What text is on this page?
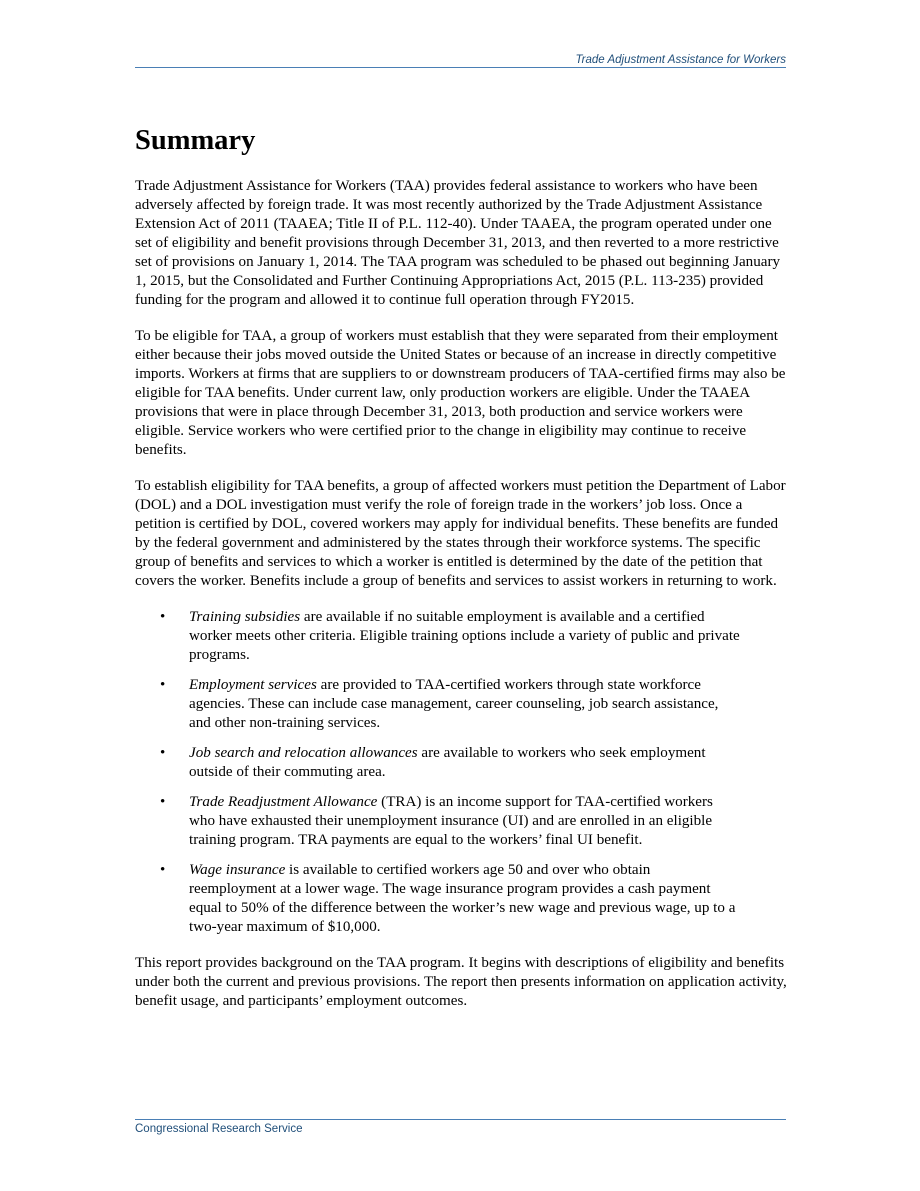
Trade Adjustment Assistance for Workers
Summary

Trade Adjustment Assistance for Workers (TAA) provides federal assistance to workers who have been adversely affected by foreign trade. It was most recently authorized by the Trade Adjustment Assistance Extension Act of 2011 (TAAEA; Title II of P.L. 112-40). Under TAAEA, the program operated under one set of eligibility and benefit provisions through December 31, 2013, and then reverted to a more restrictive set of provisions on January 1, 2014. The TAA program was scheduled to be phased out beginning January 1, 2015, but the Consolidated and Further Continuing Appropriations Act, 2015 (P.L. 113-235) provided funding for the program and allowed it to continue full operation through FY2015.

To be eligible for TAA, a group of workers must establish that they were separated from their employment either because their jobs moved outside the United States or because of an increase in directly competitive imports. Workers at firms that are suppliers to or downstream producers of TAA-certified firms may also be eligible for TAA benefits. Under current law, only production workers are eligible. Under the TAAEA provisions that were in place through December 31, 2013, both production and service workers were eligible. Service workers who were certified prior to the change in eligibility may continue to receive benefits.

To establish eligibility for TAA benefits, a group of affected workers must petition the Department of Labor (DOL) and a DOL investigation must verify the role of foreign trade in the workers’ job loss. Once a petition is certified by DOL, covered workers may apply for individual benefits. These benefits are funded by the federal government and administered by the states through their workforce systems. The specific group of benefits and services to which a worker is entitled is determined by the date of the petition that covers the worker. Benefits include a group of benefits and services to assist workers in returning to work.

• Training subsidies are available if no suitable employment is available and a certified worker meets other criteria. Eligible training options include a variety of public and private programs.
• Employment services are provided to TAA-certified workers through state workforce agencies. These can include case management, career counseling, job search assistance, and other non-training services.
• Job search and relocation allowances are available to workers who seek employment outside of their commuting area.
• Trade Readjustment Allowance (TRA) is an income support for TAA-certified workers who have exhausted their unemployment insurance (UI) and are enrolled in an eligible training program. TRA payments are equal to the workers’ final UI benefit.
• Wage insurance is available to certified workers age 50 and over who obtain reemployment at a lower wage. The wage insurance program provides a cash payment equal to 50% of the difference between the worker’s new wage and previous wage, up to a two-year maximum of $10,000.

This report provides background on the TAA program. It begins with descriptions of eligibility and benefits under both the current and previous provisions. The report then presents information on application activity, benefit usage, and participants’ employment outcomes.

Congressional Research Service
